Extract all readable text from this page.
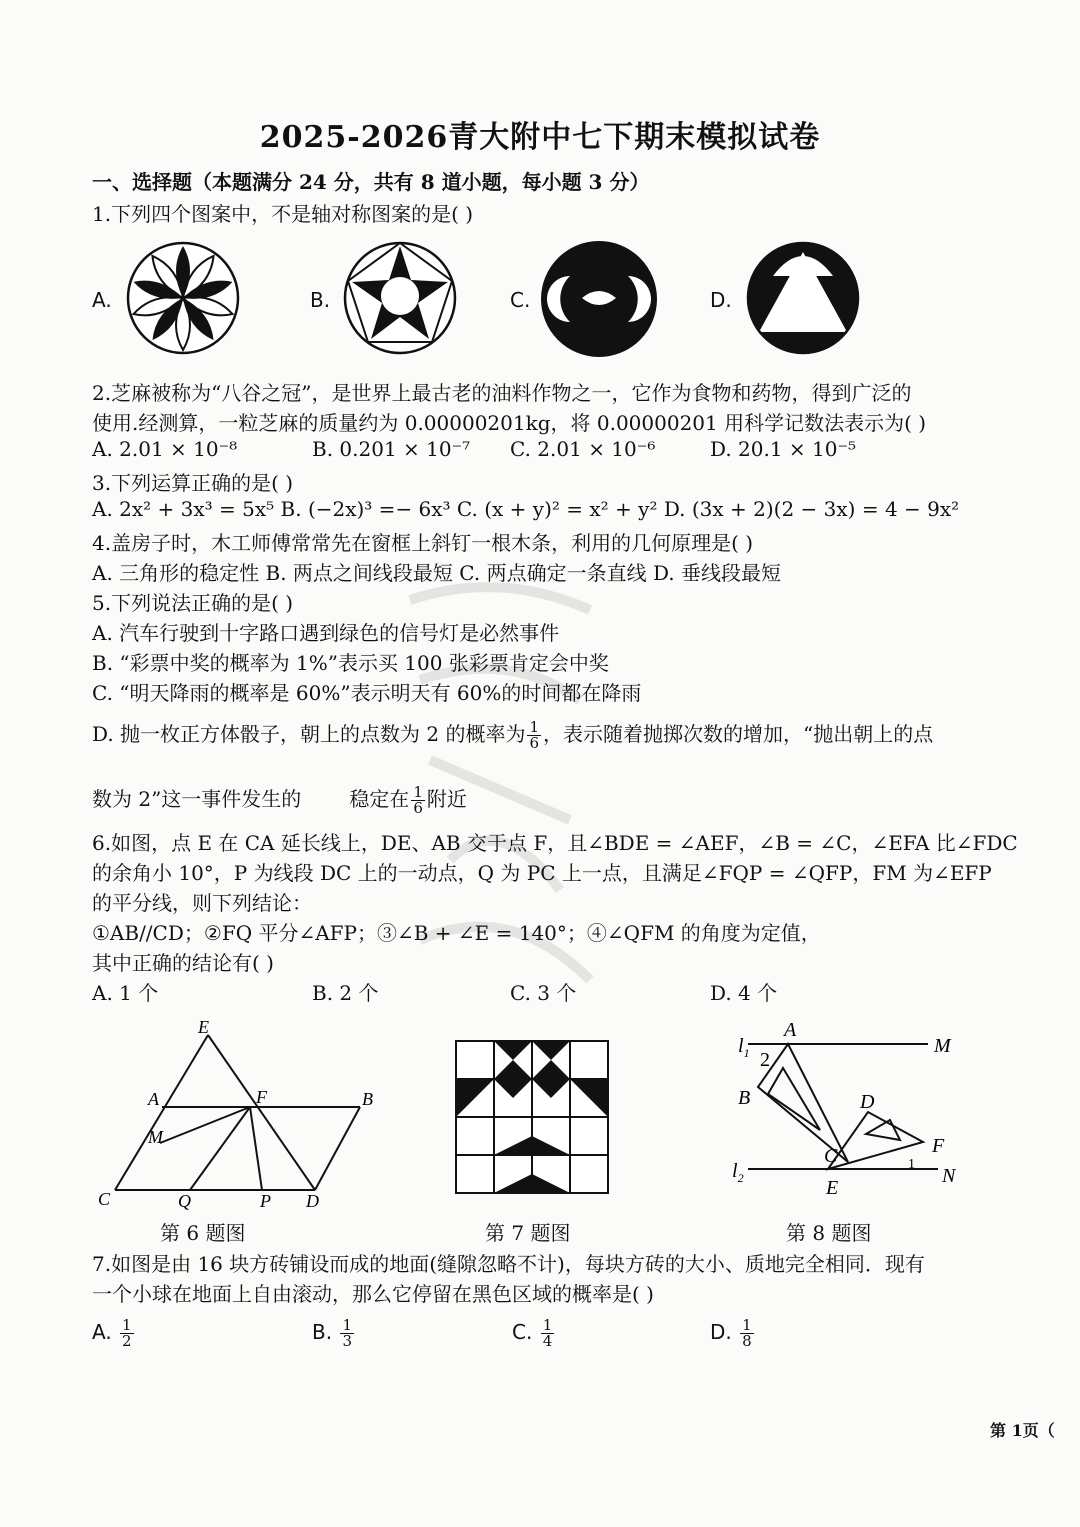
2025-2026青大附中七下期末模拟试卷
一、选择题（本题满分 24 分，共有 8 道小题，每小题 3 分）
1.下列四个图案中，不是轴对称图案的是( )
A.	B.	C.	D.
2.芝麻被称为“八谷之冠”，是世界上最古老的油料作物之一，它作为食物和药物，得到广泛的
使用.经测算，一粒芝麻的质量约为 0.00000201kg，将 0.00000201 用科学记数法表示为( )
A. 2.01 × 10⁻⁸	B. 0.201 × 10⁻⁷ C. 2.01 × 10⁻⁶	D. 20.1 × 10⁻⁵
3.下列运算正确的是( )
A. 2x² + 3x³ = 5x⁵ B. (−2x)³ =− 6x³ C. (x + y)² = x² + y² D. (3x + 2)(2 − 3x) = 4 − 9x²
4.盖房子时，木工师傅常常先在窗框上斜钉一根木条，利用的几何原理是( )
A. 三角形的稳定性 B. 两点之间线段最短 C. 两点确定一条直线 D. 垂线段最短
5.下列说法正确的是( )
A. 汽车行驶到十字路口遇到绿色的信号灯是必然事件
B. “彩票中奖的概率为 1%”表示买 100 张彩票肯定会中奖
C. “明天降雨的概率是 60%”表示明天有 60%的时间都在降雨
D. 抛一枚正方体骰子，朝上的点数为 2 的概率为 $\frac{1}{6}$ ，表示随着抛掷次数的增加，“抛出朝上的点
数为 2”这一事件发生的 稳定在 $\frac{1}{6}$ 附近
6.如图，点 E 在 CA 延长线上，DE、AB 交于点 F，且∠BDE = ∠AEF，∠B = ∠C，∠EFA 比∠FDC
的余角小 10°，P 为线段 DC 上的一动点，Q 为 PC 上一点，且满足∠FQP = ∠QFP，FM 为∠EFP
的平分线，则下列结论：
①AB//CD；②FQ 平分∠AFP；③∠B + ∠E = 140°；④∠QFM 的角度为定值，
其中正确的结论有( )
A. 1 个	B. 2 个	C. 3 个	D. 4 个
E
A	F	B
M
C	Q	P D
第 6 题图	第 7 题图
$l_1$
A
M
2
B	D
C	F
$l_2$	E
N
1
第 8 题图
7.如图是由 16 块方砖铺设而成的地面(缝隙忽略不计)，每块方砖的大小、质地完全相同．现有
一个小球在地面上自由滚动，那么它停留在黑色区域的概率是( )
A. $\frac{1}{2}$	B. $\frac{1}{3}$	C. $\frac{1}{4}$	D. $\frac{1}{8}$
第 1页（
